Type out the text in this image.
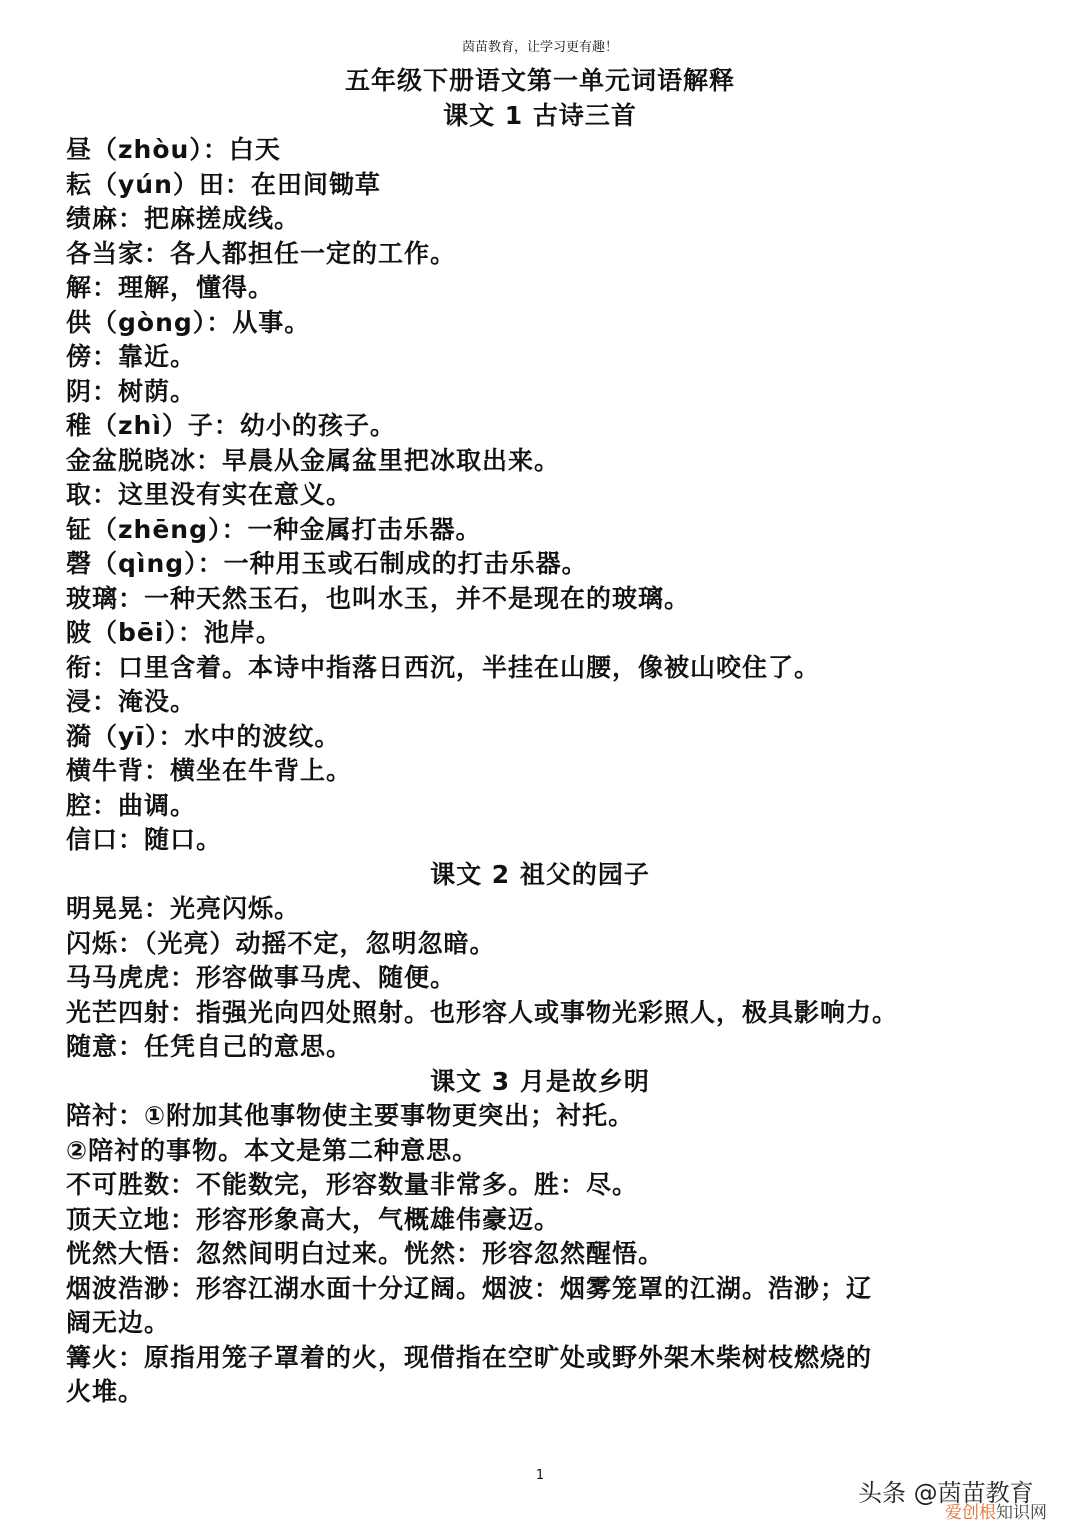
茵苗教育，让学习更有趣！
五年级下册语文第一单元词语解释
课文 1 古诗三首
昼（zhòu）：白天
耘（yún）田：在田间锄草
绩麻：把麻搓成线。
各当家：各人都担任一定的工作。
解：理解，懂得。
供（gòng）：从事。
傍：靠近。
阴：树荫。
稚（zhì）子：幼小的孩子。
金盆脱晓冰：早晨从金属盆里把冰取出来。
取：这里没有实在意义。
钲（zhēng）：一种金属打击乐器。
磬（qìng）：一种用玉或石制成的打击乐器。
玻璃：一种天然玉石，也叫水玉，并不是现在的玻璃。
陂（bēi）：池岸。
衔：口里含着。本诗中指落日西沉，半挂在山腰，像被山咬住了。
浸：淹没。
漪（yī）：水中的波纹。
横牛背：横坐在牛背上。
腔：曲调。
信口：随口。
课文 2 祖父的园子
明晃晃：光亮闪烁。
闪烁：（光亮）动摇不定，忽明忽暗。
马马虎虎：形容做事马虎、随便。
光芒四射：指强光向四处照射。也形容人或事物光彩照人，极具影响力。
随意：任凭自己的意思。
课文 3 月是故乡明
陪衬：①附加其他事物使主要事物更突出；衬托。
②陪衬的事物。本文是第二种意思。
不可胜数：不能数完，形容数量非常多。胜：尽。
顶天立地：形容形象高大，气概雄伟豪迈。
恍然大悟：忽然间明白过来。恍然：形容忽然醒悟。
烟波浩渺：形容江湖水面十分辽阔。烟波：烟雾笼罩的江湖。浩渺；辽
阔无边。
篝火：原指用笼子罩着的火，现借指在空旷处或野外架木柴树枝燃烧的
火堆。
1
头条 @茵苗教育
爱创根知识网
